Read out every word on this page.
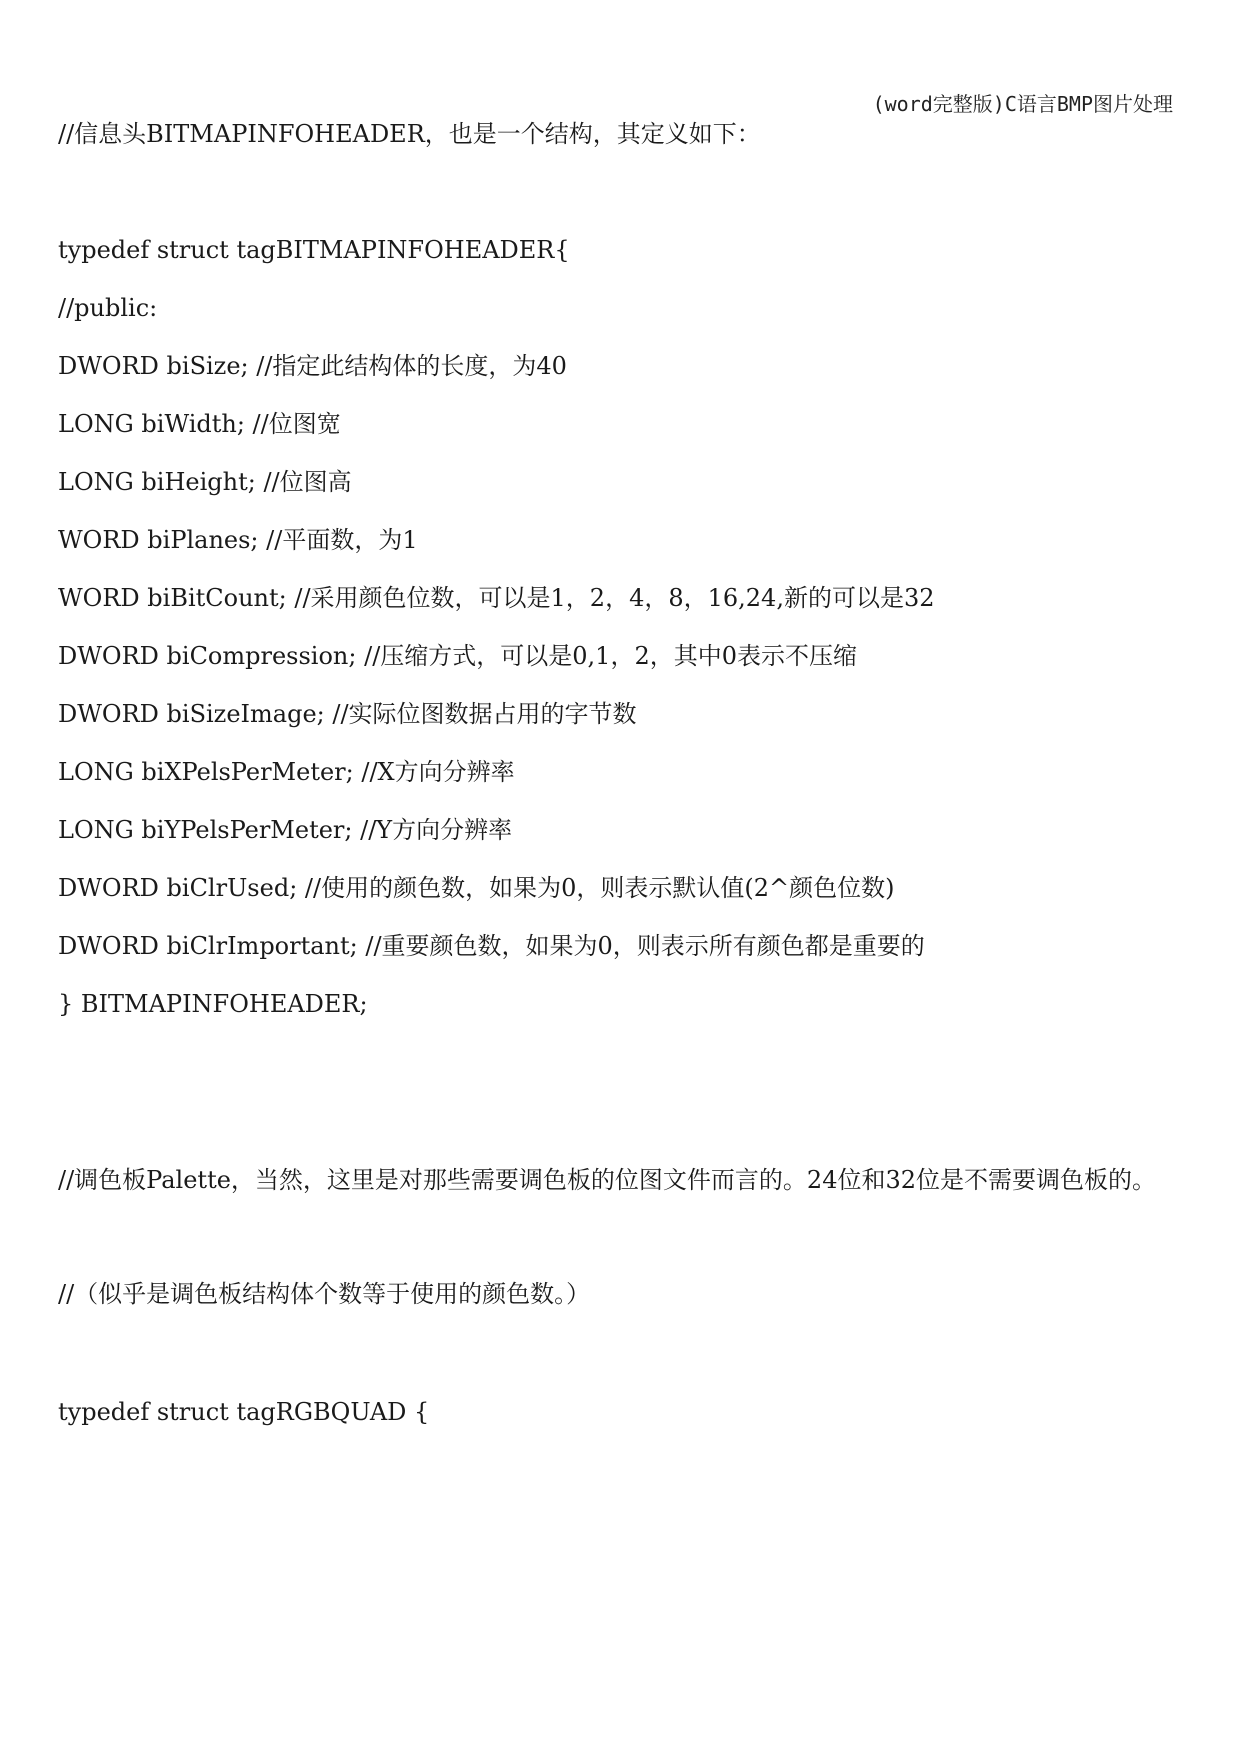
(word完整版)C语言BMP图片处理
//信息头BITMAPINFOHEADER，也是一个结构，其定义如下：
typedef struct tagBITMAPINFOHEADER{
//public:
DWORD biSize; //指定此结构体的长度，为40
LONG biWidth; //位图宽
LONG biHeight; //位图高
WORD biPlanes; //平面数，为1
WORD biBitCount; //采用颜色位数，可以是1，2，4，8，16,24,新的可以是32
DWORD biCompression; //压缩方式，可以是0,1，2，其中0表示不压缩
DWORD biSizeImage; //实际位图数据占用的字节数
LONG biXPelsPerMeter; //X方向分辨率
LONG biYPelsPerMeter; //Y方向分辨率
DWORD biClrUsed; //使用的颜色数，如果为0，则表示默认值(2^颜色位数)
DWORD biClrImportant; //重要颜色数，如果为0，则表示所有颜色都是重要的
} BITMAPINFOHEADER;
//调色板Palette，当然，这里是对那些需要调色板的位图文件而言的。24位和32位是不需要调色板的。
//（似乎是调色板结构体个数等于使用的颜色数。）
typedef struct tagRGBQUAD {
